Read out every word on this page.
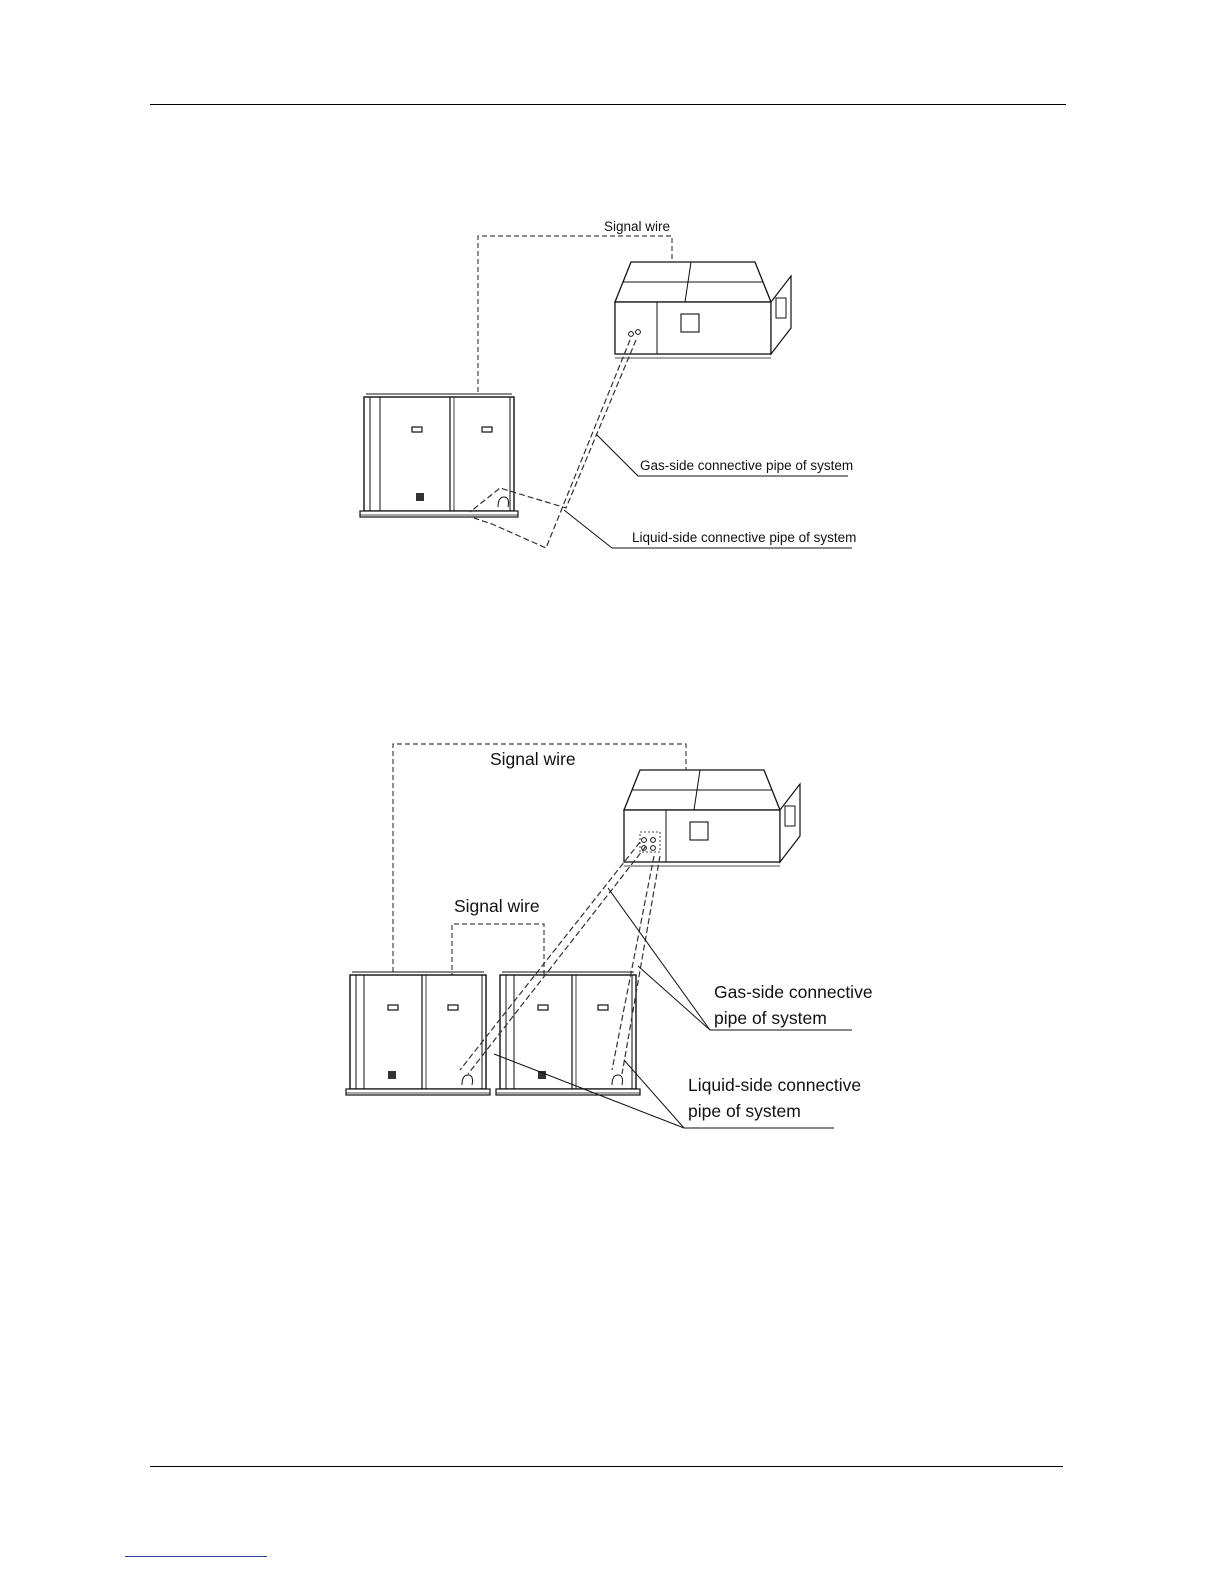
Signal wire
Gas-side connective pipe of system
Liquid-side connective pipe of system
Signal wire
Signal wire
Gas-side connective
pipe of system
Liquid-side connective
pipe of system
